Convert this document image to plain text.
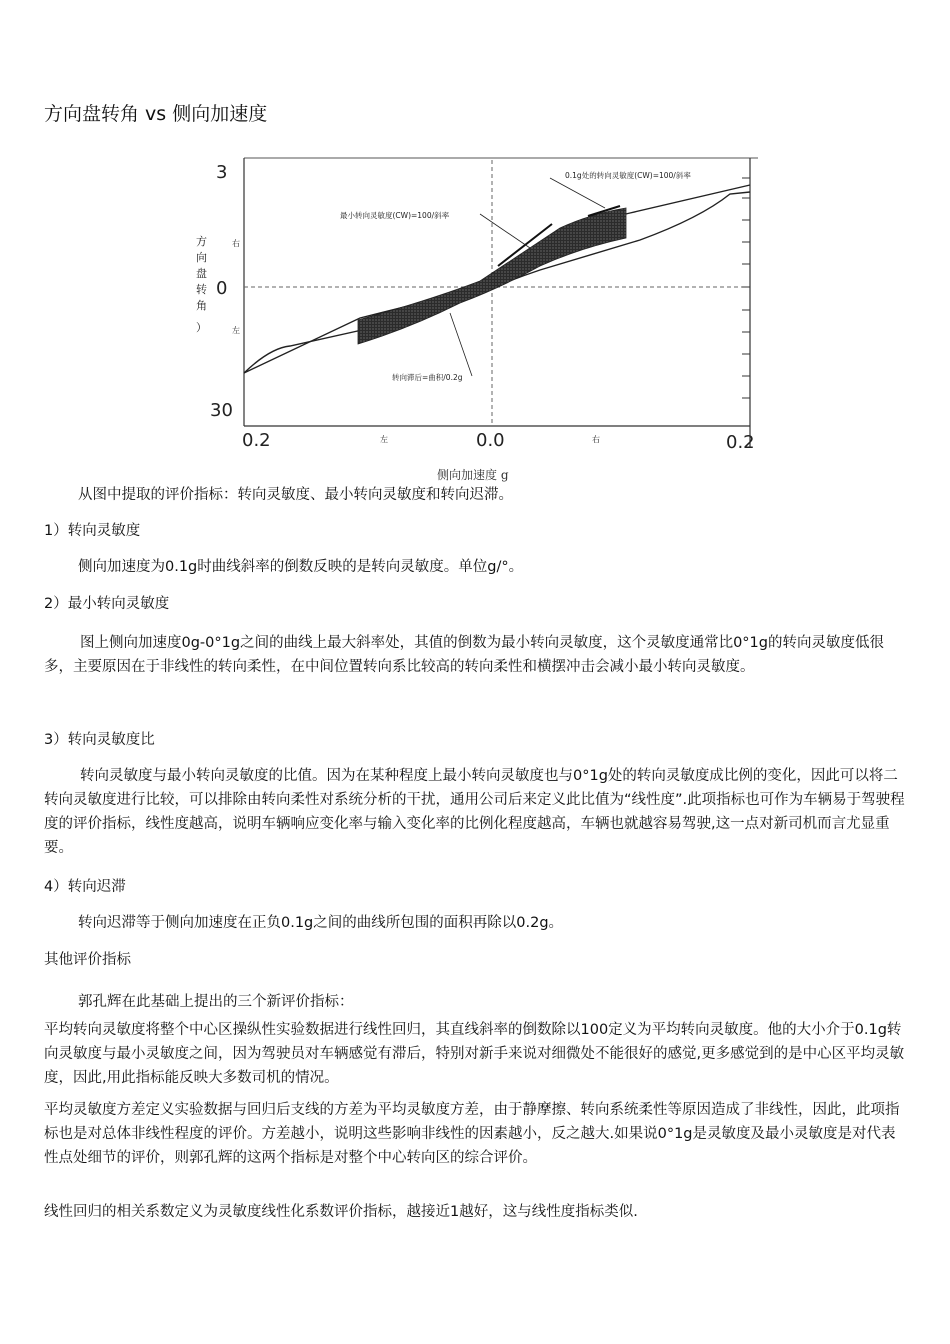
方向盘转角 vs 侧向加速度
0.1g处的转向灵敏度(CW)=100/斜率
最小转向灵敏度(CW)=100/斜率
转向滞后=曲积/0.2g
3
0
30
右
左
方
向
盘
转
角
）
0.2	0.0	0.2
左	右
侧向加速度 g

从图中提取的评价指标：转向灵敏度、最小转向灵敏度和转向迟滞。

1）转向灵敏度

侧向加速度为0.1g时曲线斜率的倒数反映的是转向灵敏度。单位g/°。

2）最小转向灵敏度

图上侧向加速度0g-0°1g之间的曲线上最大斜率处，其值的倒数为最小转向灵敏度，这个灵敏度通常比0°1g的转向灵敏度低很多，主要原因在于非线性的转向柔性，在中间位置转向系比较高的转向柔性和横摆冲击会减小最小转向灵敏度。

3）转向灵敏度比

转向灵敏度与最小转向灵敏度的比值。因为在某种程度上最小转向灵敏度也与0°1g处的转向灵敏度成比例的变化，因此可以将二转向灵敏度进行比较，可以排除由转向柔性对系统分析的干扰，通用公司后来定义此比值为“线性度”.此项指标也可作为车辆易于驾驶程度的评价指标，线性度越高，说明车辆响应变化率与输入变化率的比例化程度越高，车辆也就越容易驾驶,这一点对新司机而言尤显重要。

4）转向迟滞

转向迟滞等于侧向加速度在正负0.1g之间的曲线所包围的面积再除以0.2g。

其他评价指标

郭孔辉在此基础上提出的三个新评价指标：

平均转向灵敏度将整个中心区操纵性实验数据进行线性回归，其直线斜率的倒数除以100定义为平均转向灵敏度。他的大小介于0.1g转向灵敏度与最小灵敏度之间，因为驾驶员对车辆感觉有滞后，特别对新手来说对细微处不能很好的感觉,更多感觉到的是中心区平均灵敏度，因此,用此指标能反映大多数司机的情况。

平均灵敏度方差定义实验数据与回归后支线的方差为平均灵敏度方差，由于静摩擦、转向系统柔性等原因造成了非线性，因此，此项指标也是对总体非线性程度的评价。方差越小，说明这些影响非线性的因素越小，反之越大.如果说0°1g是灵敏度及最小灵敏度是对代表性点处细节的评价，则郭孔辉的这两个指标是对整个中心转向区的综合评价。

线性回归的相关系数定义为灵敏度线性化系数评价指标，越接近1越好，这与线性度指标类似.
